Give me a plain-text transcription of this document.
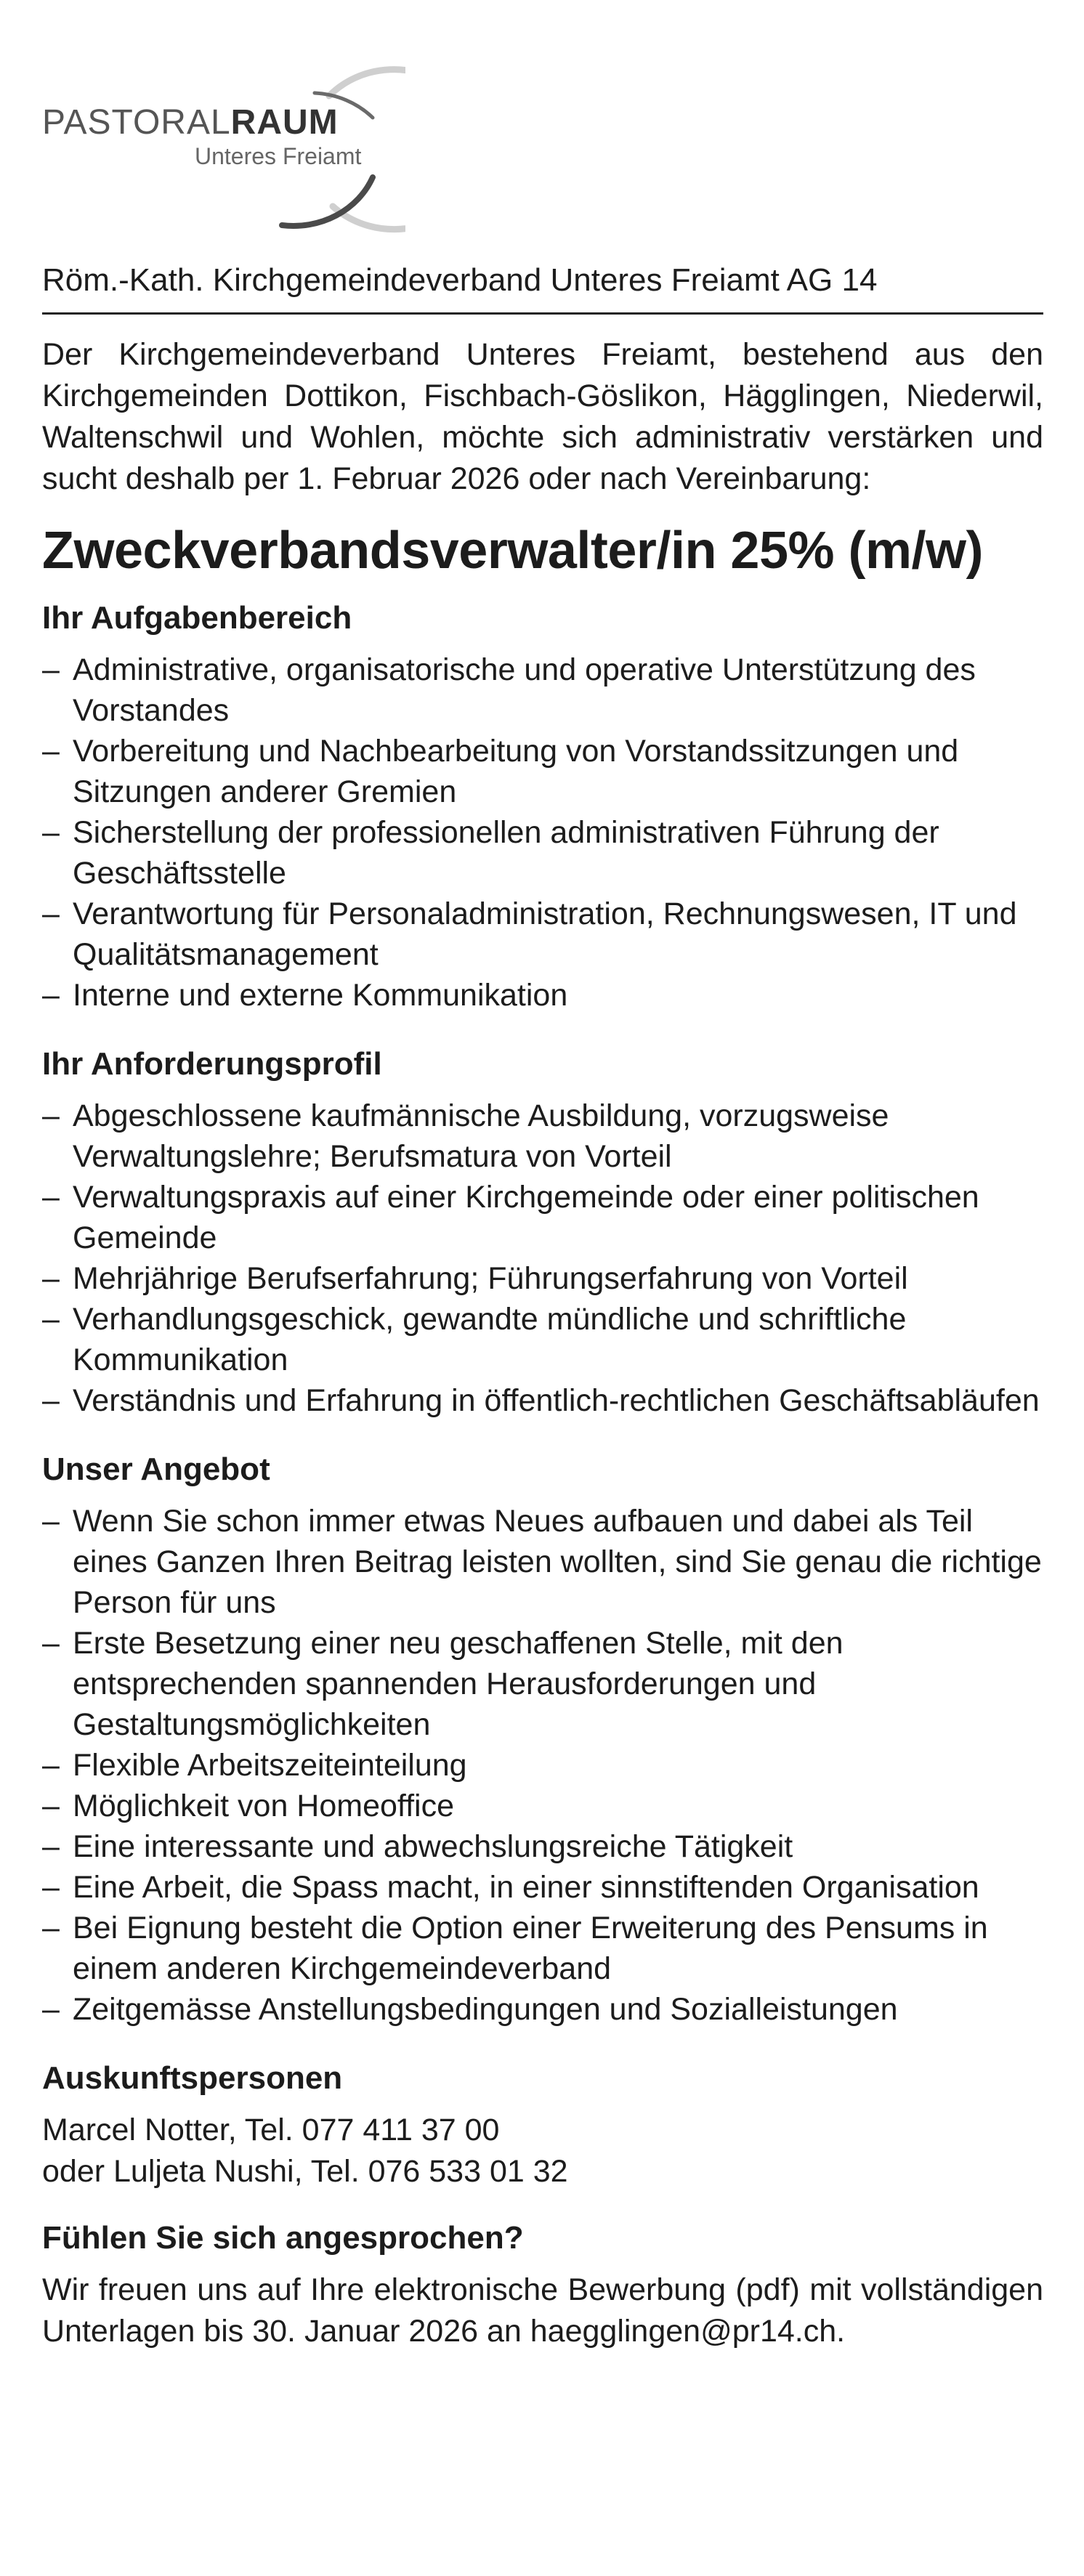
PASTORALRAUM
Unteres Freiamt
Röm.-Kath. Kirchgemeindeverband Unteres Freiamt AG 14

Der Kirchgemeindeverband Unteres Freiamt, bestehend aus den Kirchgemeinden Dottikon, Fischbach-Göslikon, Hägglingen, Niederwil, Waltenschwil und Wohlen, möchte sich administrativ verstärken und sucht deshalb per 1. Februar 2026 oder nach Vereinbarung:

Zweckverbandsverwalter/in 25% (m/w)
Ihr Aufgabenbereich
– Administrative, organisatorische und operative Unterstützung des Vorstandes
– Vorbereitung und Nachbearbeitung von Vorstandssitzungen und Sitzungen anderer Gremien
– Sicherstellung der professionellen administrativen Führung der Geschäftsstelle
– Verantwortung für Personaladministration, Rechnungswesen, IT und Qualitätsmanagement
– Interne und externe Kommunikation
Ihr Anforderungsprofil
– Abgeschlossene kaufmännische Ausbildung, vorzugsweise Verwaltungslehre; Berufsmatura von Vorteil
– Verwaltungspraxis auf einer Kirchgemeinde oder einer politischen Gemeinde
– Mehrjährige Berufserfahrung; Führungserfahrung von Vorteil
– Verhandlungsgeschick, gewandte mündliche und schriftliche Kommunikation
– Verständnis und Erfahrung in öffentlich-rechtlichen Geschäftsabläufen
Unser Angebot
– Wenn Sie schon immer etwas Neues aufbauen und dabei als Teil eines Ganzen Ihren Beitrag leisten wollten, sind Sie genau die richtige Person für uns
– Erste Besetzung einer neu geschaffenen Stelle, mit den entsprechenden spannenden Herausforderungen und Gestaltungsmöglichkeiten
– Flexible Arbeitszeiteinteilung
– Möglichkeit von Homeoffice
– Eine interessante und abwechslungsreiche Tätigkeit
– Eine Arbeit, die Spass macht, in einer sinnstiftenden Organisation
– Bei Eignung besteht die Option einer Erweiterung des Pensums in einem anderen Kirchgemeindeverband
– Zeitgemässe Anstellungsbedingungen und Sozialleistungen
Auskunftspersonen

Marcel Notter, Tel. 077 411 37 00
oder Luljeta Nushi, Tel. 076 533 01 32

Fühlen Sie sich angesprochen?

Wir freuen uns auf Ihre elektronische Bewerbung (pdf) mit vollständigen Unterlagen bis 30. Januar 2026 an haegglingen@pr14.ch.
